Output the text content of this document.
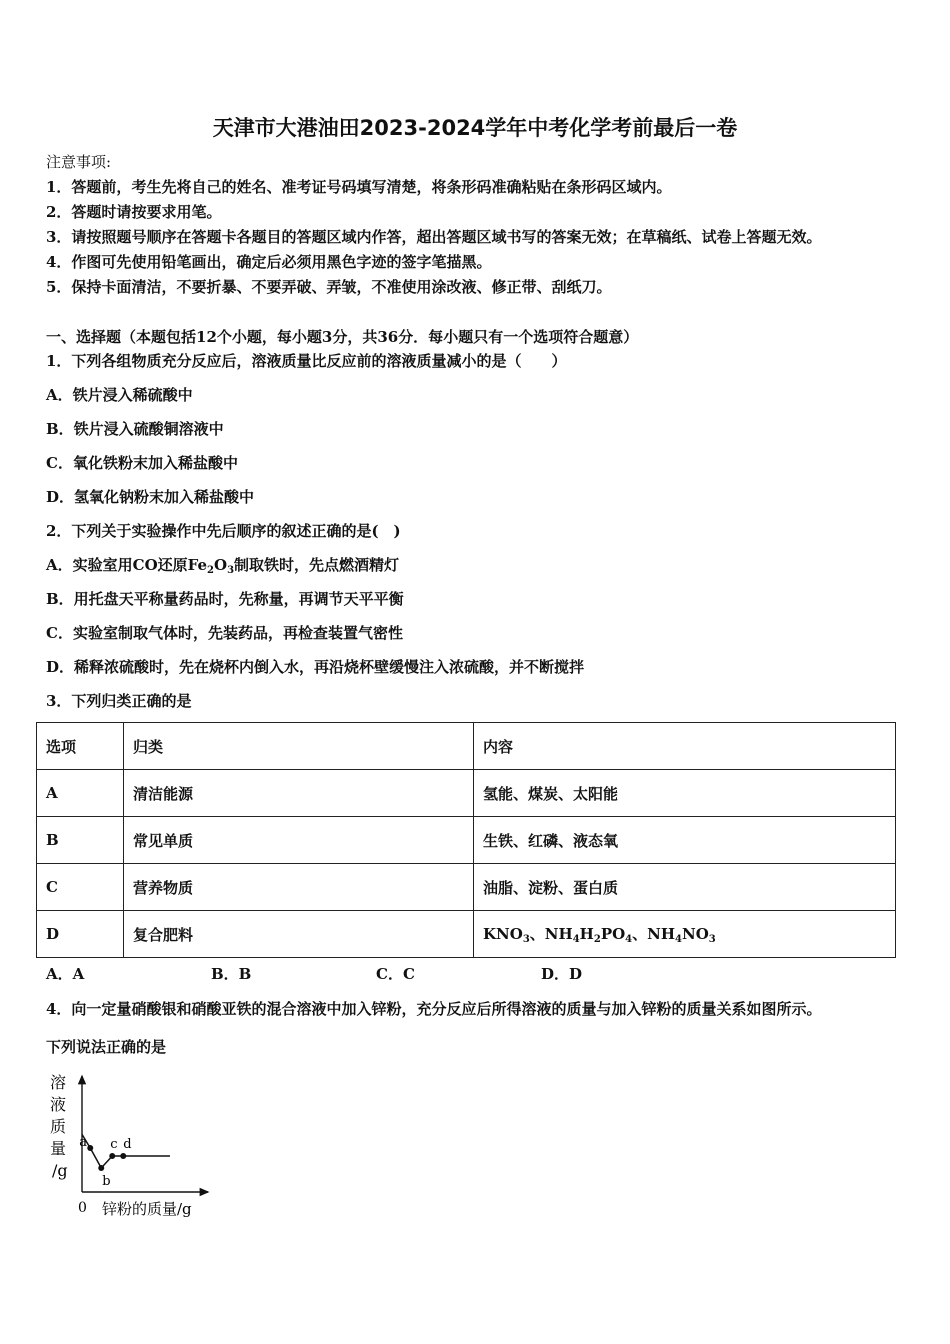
天津市大港油田2023-2024学年中考化学考前最后一卷
注意事项:
1．答题前，考生先将自己的姓名、准考证号码填写清楚，将条形码准确粘贴在条形码区域内。
2．答题时请按要求用笔。
3．请按照题号顺序在答题卡各题目的答题区域内作答，超出答题区域书写的答案无效；在草稿纸、试卷上答题无效。
4．作图可先使用铅笔画出，确定后必须用黑色字迹的签字笔描黑。
5．保持卡面清洁，不要折暴、不要弄破、弄皱，不准使用涂改液、修正带、刮纸刀。
一、选择题（本题包括12个小题，每小题3分，共36分．每小题只有一个选项符合题意）
1．下列各组物质充分反应后，溶液质量比反应前的溶液质量减小的是（　　）
A．铁片浸入稀硫酸中
B．铁片浸入硫酸铜溶液中
C．氧化铁粉末加入稀盐酸中
D．氢氧化钠粉末加入稀盐酸中
2．下列关于实验操作中先后顺序的叙述正确的是(　)
A．实验室用CO还原$Fe_2O_3$制取铁时，先点燃酒精灯
B．用托盘天平称量药品时，先称量，再调节天平平衡
C．实验室制取气体时，先装药品，再检查装置气密性
D．稀释浓硫酸时，先在烧杯内倒入水，再沿烧杯壁缓慢注入浓硫酸，并不断搅拌
3．下列归类正确的是
选项	归类	内容
A	清洁能源	氢能、煤炭、太阳能
B	常见单质	生铁、红磷、液态氧
C	营养物质	油脂、淀粉、蛋白质
D	复合肥料	$KNO_3$、$NH_4H_2PO_4$、$NH_4NO_3$
A．A	B．B	C．C	D．D
4．向一定量硝酸银和硝酸亚铁的混合溶液中加入锌粉，充分反应后所得溶液的质量与加入锌粉的质量关系如图所示。
下列说法正确的是
溶
液
质
量
/g
0 锌粉的质量/g
a
b
c d
